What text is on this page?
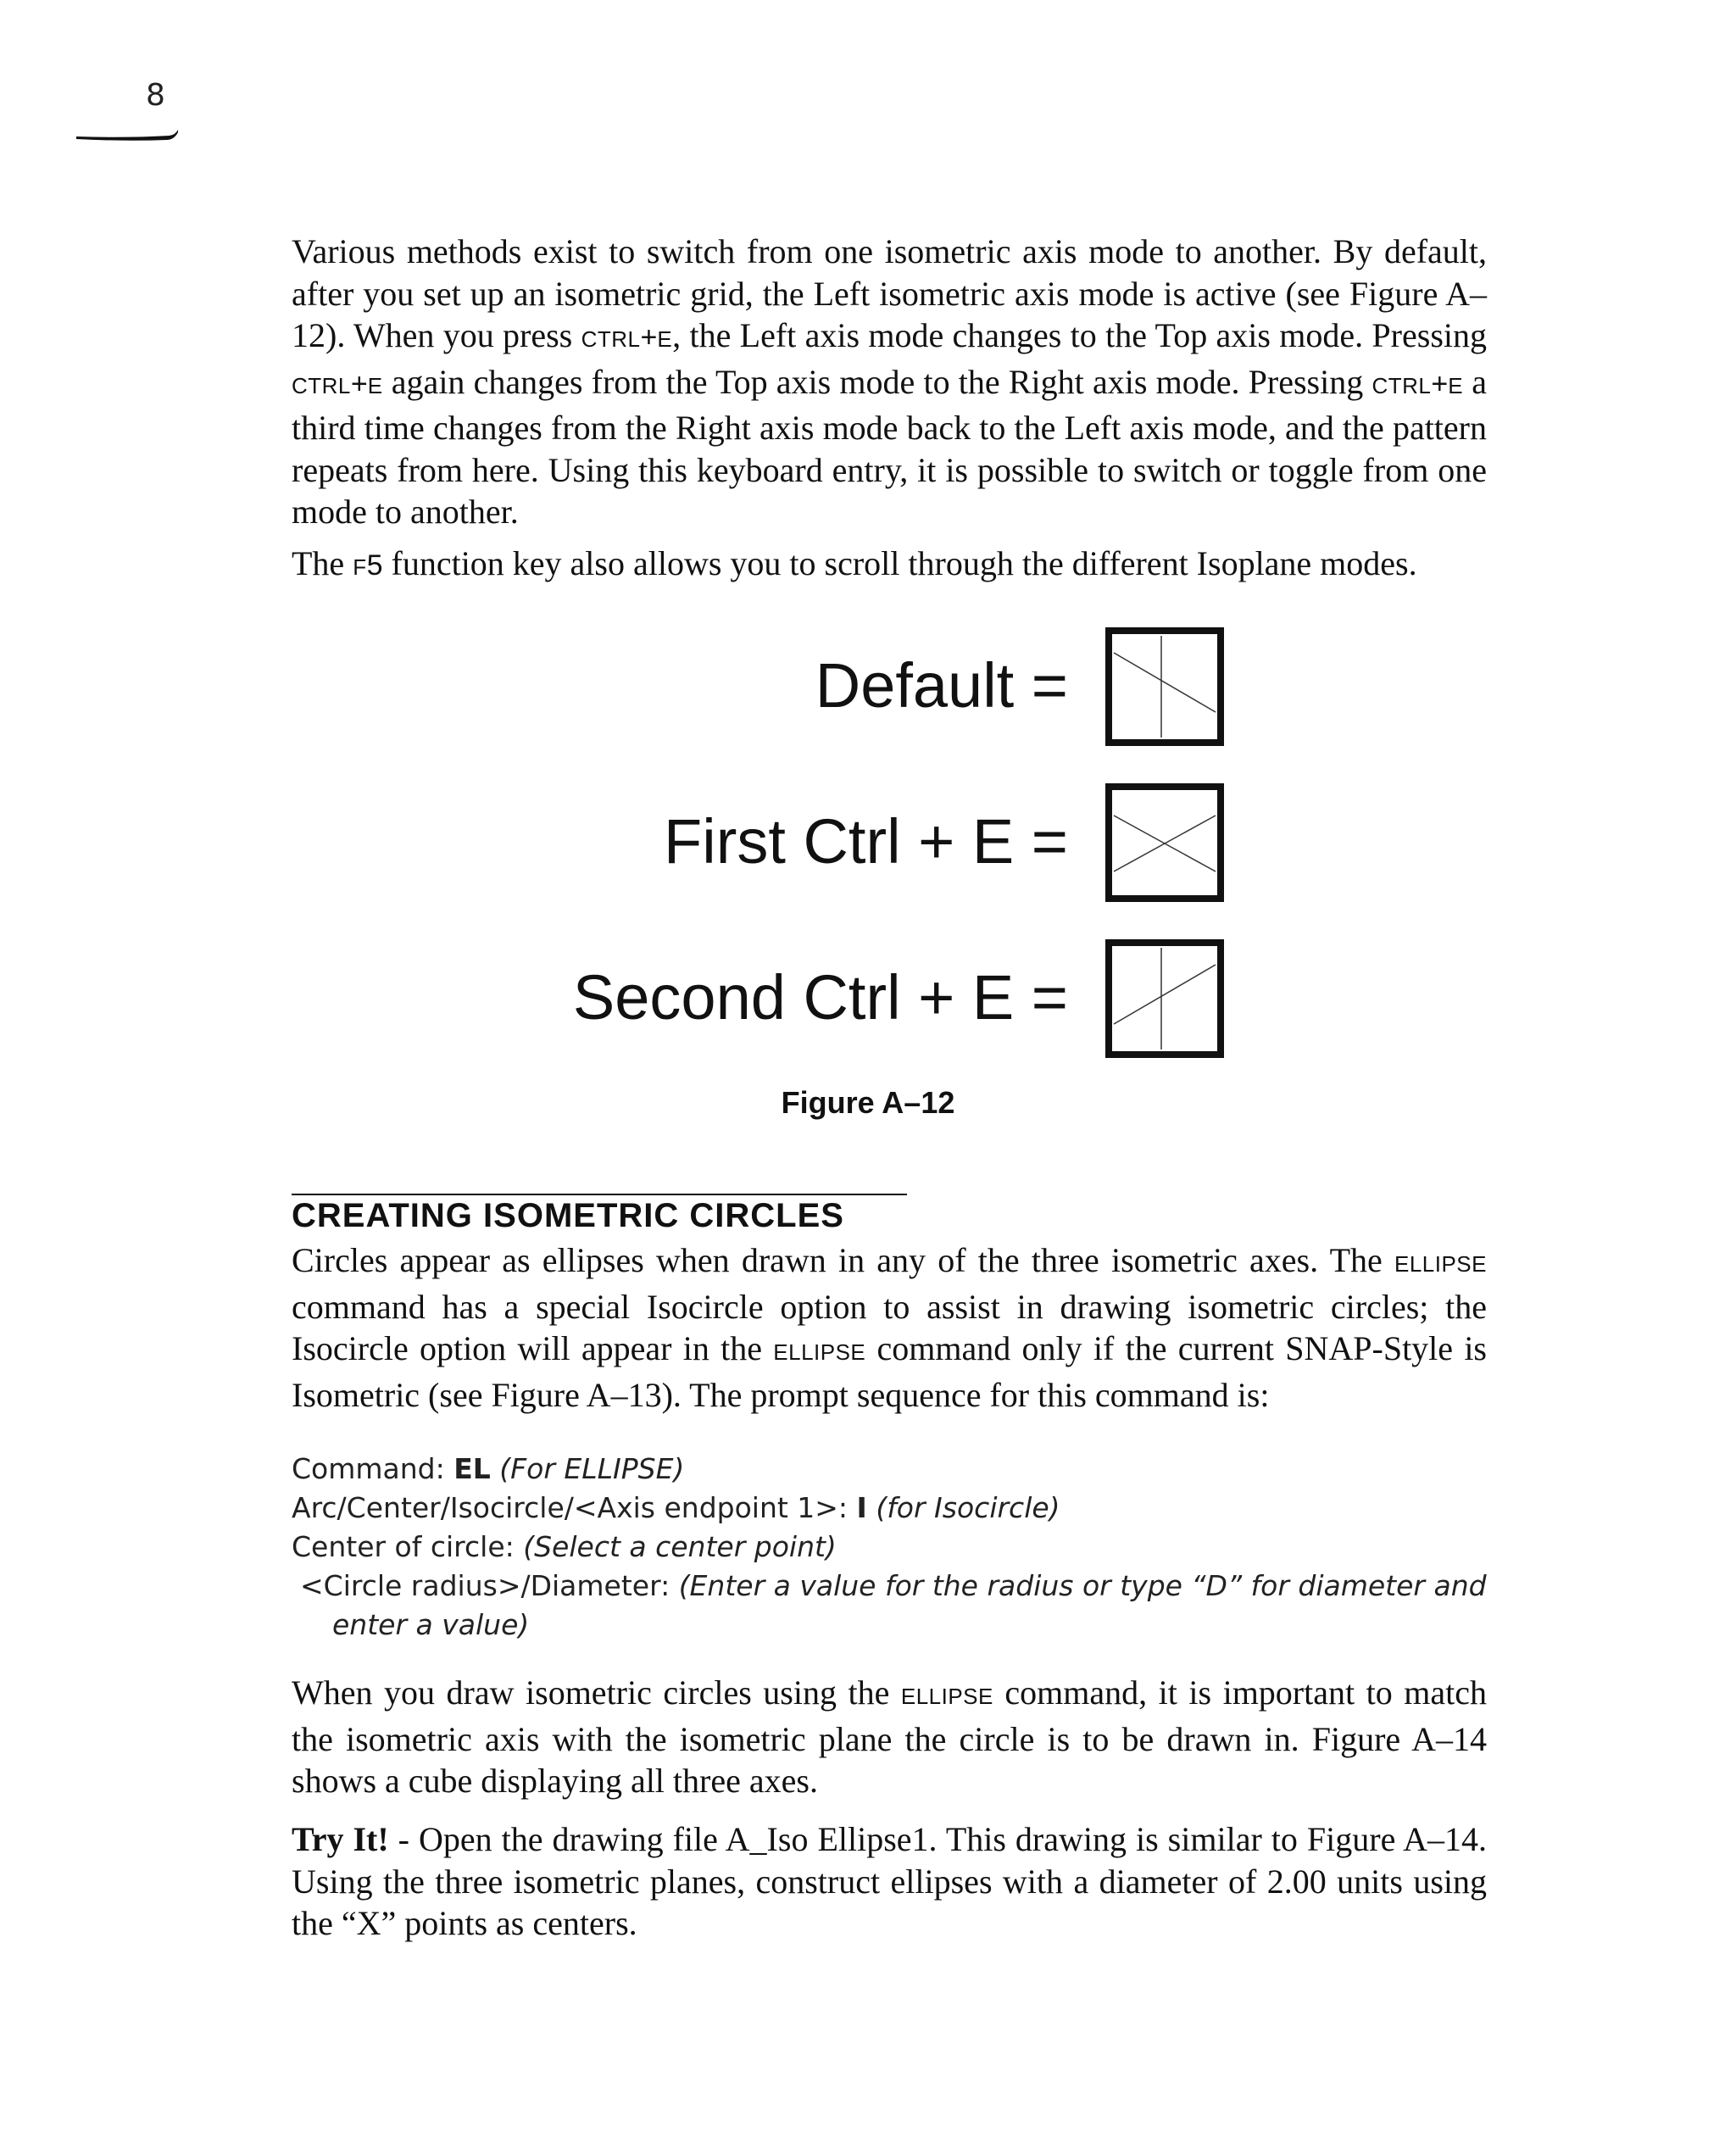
8

Various methods exist to switch from one isometric axis mode to another. By default, after you set up an isometric grid, the Left isometric axis mode is active (see Figure A–12). When you press CTRL+E, the Left axis mode changes to the Top axis mode. Pressing CTRL+E again changes from the Top axis mode to the Right axis mode. Pressing CTRL+E a third time changes from the Right axis mode back to the Left axis mode, and the pattern repeats from here. Using this keyboard entry, it is possible to switch or toggle from one mode to another.

The F5 function key also allows you to scroll through the different Isoplane modes.

Default =
First Ctrl + E =
Second Ctrl + E =
Figure A–12
CREATING ISOMETRIC CIRCLES

Circles appear as ellipses when drawn in any of the three isometric axes. The ELLIPSE command has a special Isocircle option to assist in drawing isometric circles; the Isocircle option will appear in the ELLIPSE command only if the current SNAP-Style is Isometric (see Figure A–13). The prompt sequence for this command is:

Command: EL (For ELLIPSE)
Arc/Center/Isocircle/<Axis endpoint 1>: I (for Isocircle)
Center of circle: (Select a center point)
<Circle radius>/Diameter: (Enter a value for the radius or type “D” for diameter and
enter a value)

When you draw isometric circles using the ELLIPSE command, it is important to match the isometric axis with the isometric plane the circle is to be drawn in. Figure A–14 shows a cube displaying all three axes.

Try It! - Open the drawing file A_Iso Ellipse1. This drawing is similar to Figure A–14. Using the three isometric planes, construct ellipses with a diameter of 2.00 units using the “X” points as centers.
